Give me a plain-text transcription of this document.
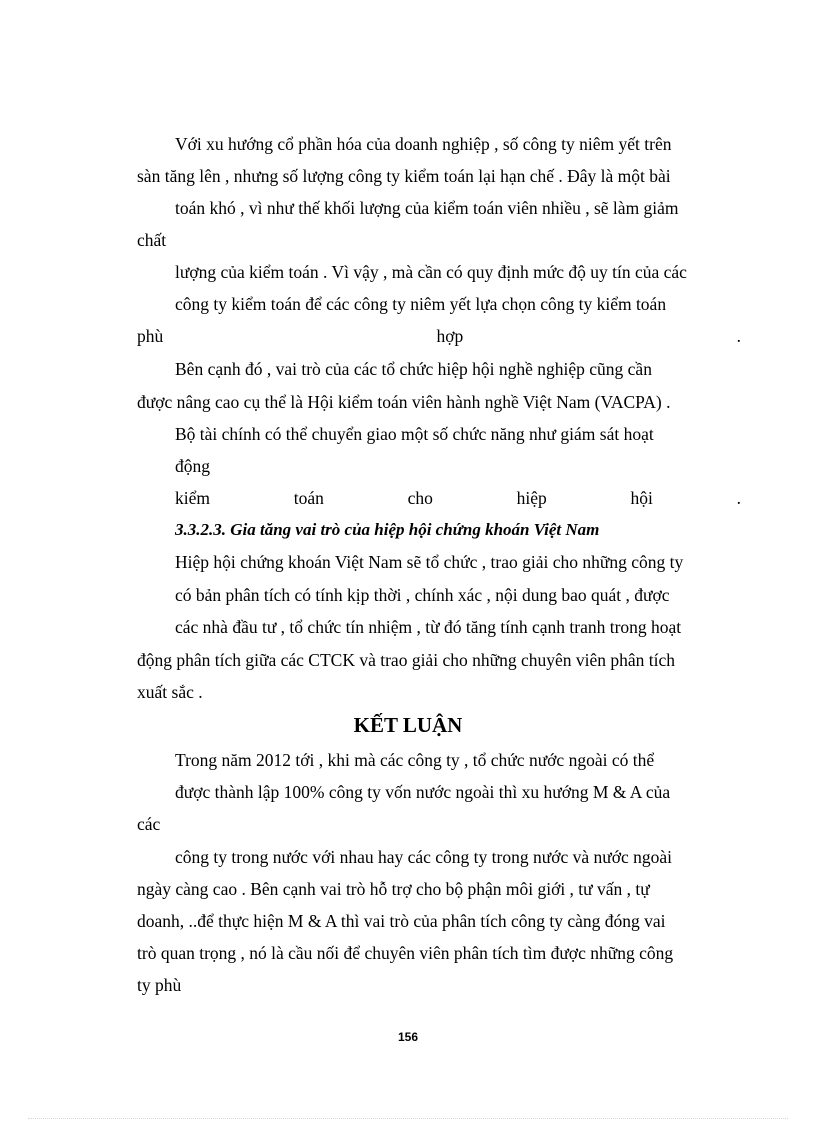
Với xu hướng cổ phần hóa của doanh nghiệp , số công ty niêm yết trên

sàn tăng lên , nhưng số lượng công ty kiểm toán lại hạn chế . Đây là một bài

toán khó , vì như thế khối lượng của kiểm toán viên nhiều , sẽ làm giảm

chất

lượng của kiểm toán . Vì vậy , mà cần có quy định mức độ uy tín của các

công ty kiểm toán để các công ty niêm yết lựa chọn công ty kiểm toán

phù	hợp	.

Bên cạnh đó , vai trò của các tổ chức hiệp hội nghề nghiệp cũng cần

được nâng cao cụ thể là Hội kiểm toán viên hành nghề Việt Nam (VACPA) .

Bộ tài chính có thể chuyển giao một số chức năng như giám sát hoạt

động

kiểm	toán	cho	hiệp	hội	.

3.3.2.3. Gia tăng vai trò của hiệp hội chứng khoán Việt Nam

Hiệp hội chứng khoán Việt Nam sẽ tổ chức , trao giải cho những công ty

có bản phân tích có tính kịp thời , chính xác , nội dung bao quát , được

các nhà đầu tư , tổ chức tín nhiệm , từ đó tăng tính cạnh tranh trong hoạt

động phân tích giữa các CTCK và trao giải cho những chuyên viên phân tích

xuất sắc .

KẾT LUẬN

Trong năm 2012 tới , khi mà các công ty , tổ chức nước ngoài có thể

được thành lập 100% công ty vốn nước ngoài thì xu hướng M & A của

các

công ty trong nước với nhau hay các công ty trong nước và nước ngoài

ngày càng cao . Bên cạnh vai trò hỗ trợ cho bộ phận môi giới , tư vấn , tự

doanh, ..để thực hiện M & A thì vai trò của phân tích công ty càng đóng vai

trò quan trọng , nó là cầu nối để chuyên viên phân tích tìm được những công

ty phù

156
